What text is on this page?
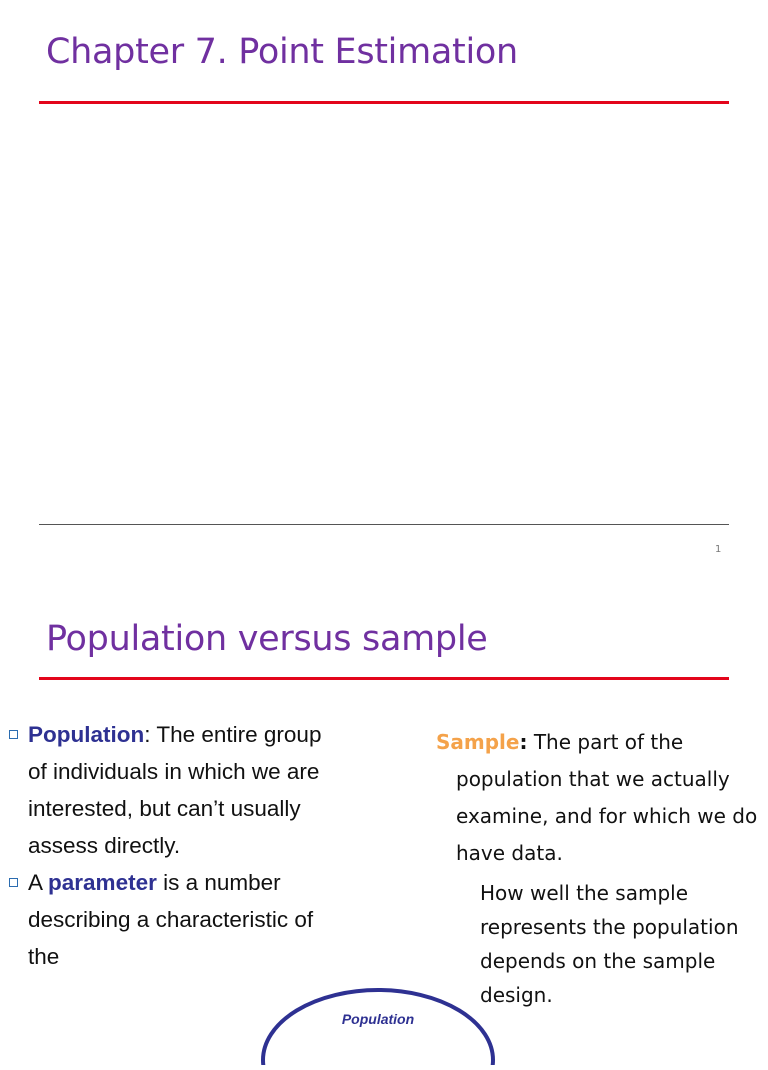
Chapter 7. Point Estimation
1
Population versus sample
Population: The entire group of individuals in which we are interested, but can’t usually assess directly.
A parameter is a number describing a characteristic of the
Sample: The part of the
population that we actually examine, and for which we do have data.
How well the sample represents the population depends on the sample design.
Population
